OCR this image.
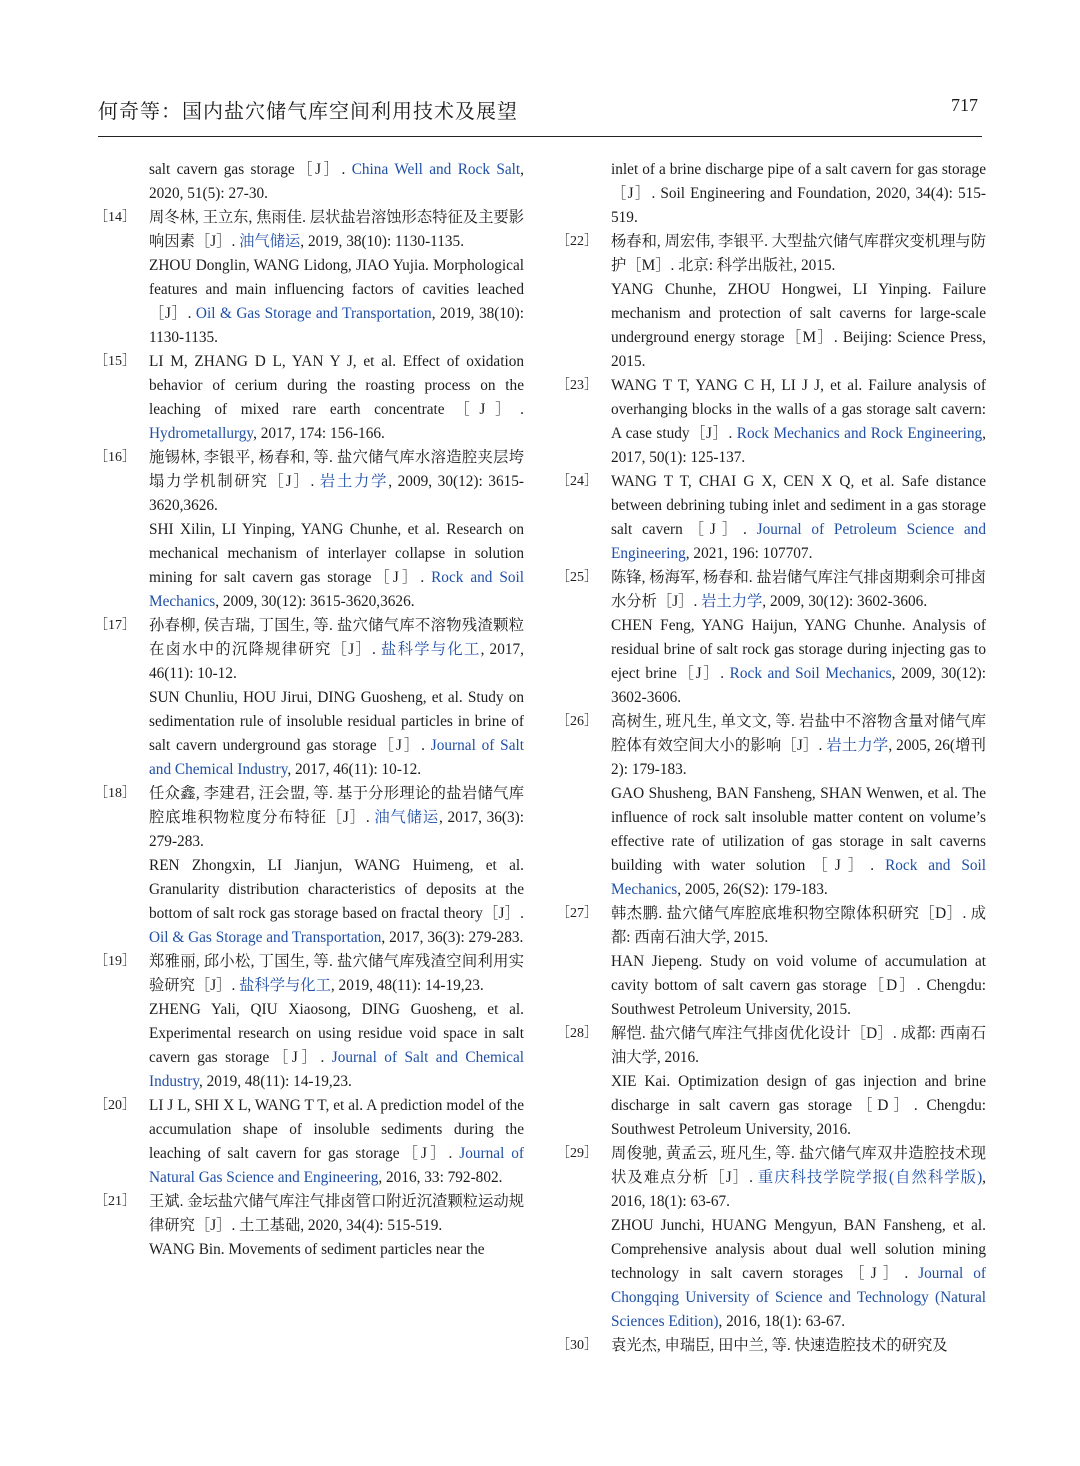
何奇等：国内盐穴储气库空间利用技术及展望	717
salt cavern gas storage［J］. China Well and Rock Salt, 2020, 51(5): 27-30.
［14］ 周冬林, 王立东, 焦雨佳. 层状盐岩溶蚀形态特征及主要影响因素［J］. 油气储运, 2019, 38(10): 1130-1135.
ZHOU Donglin, WANG Lidong, JIAO Yujia. Morphological features and main influencing factors of cavities leached［J］. Oil & Gas Storage and Transportation, 2019, 38(10): 1130-1135.
［15］ LI M, ZHANG D L, YAN Y J, et al. Effect of oxidation behavior of cerium during the roasting process on the leaching of mixed rare earth concentrate［J］. Hydrometallurgy, 2017, 174: 156-166.
［16］ 施锡林, 李银平, 杨春和, 等. 盐穴储气库水溶造腔夹层垮塌力学机制研究［J］. 岩土力学, 2009, 30(12): 3615-3620,3626.
SHI Xilin, LI Yinping, YANG Chunhe, et al. Research on mechanical mechanism of interlayer collapse in solution mining for salt cavern gas storage［J］. Rock and Soil Mechanics, 2009, 30(12): 3615-3620,3626.
［17］ 孙春柳, 侯吉瑞, 丁国生, 等. 盐穴储气库不溶物残渣颗粒在卤水中的沉降规律研究［J］. 盐科学与化工, 2017, 46(11): 10-12.
SUN Chunliu, HOU Jirui, DING Guosheng, et al. Study on sedimentation rule of insoluble residual particles in brine of salt cavern underground gas storage［J］. Journal of Salt and Chemical Industry, 2017, 46(11): 10-12.
［18］ 任众鑫, 李建君, 汪会盟, 等. 基于分形理论的盐岩储气库腔底堆积物粒度分布特征［J］. 油气储运, 2017, 36(3): 279-283.
REN Zhongxin, LI Jianjun, WANG Huimeng, et al. Granularity distribution characteristics of deposits at the bottom of salt rock gas storage based on fractal theory［J］. Oil & Gas Storage and Transportation, 2017, 36(3): 279-283.
［19］ 郑雅丽, 邱小松, 丁国生, 等. 盐穴储气库残渣空间利用实验研究［J］. 盐科学与化工, 2019, 48(11): 14-19,23.
ZHENG Yali, QIU Xiaosong, DING Guosheng, et al. Experimental research on using residue void space in salt cavern gas storage［J］. Journal of Salt and Chemical Industry, 2019, 48(11): 14-19,23.
［20］ LI J L, SHI X L, WANG T T, et al. A prediction model of the accumulation shape of insoluble sediments during the leaching of salt cavern for gas storage［J］. Journal of Natural Gas Science and Engineering, 2016, 33: 792-802.
［21］ 王斌. 金坛盐穴储气库注气排卤管口附近沉渣颗粒运动规律研究［J］. 土工基础, 2020, 34(4): 515-519.
WANG Bin. Movements of sediment particles near the
inlet of a brine discharge pipe of a salt cavern for gas storage［J］. Soil Engineering and Foundation, 2020, 34(4): 515-519.
［22］ 杨春和, 周宏伟, 李银平. 大型盐穴储气库群灾变机理与防护［M］. 北京: 科学出版社, 2015.
YANG Chunhe, ZHOU Hongwei, LI Yinping. Failure mechanism and protection of salt caverns for large-scale underground energy storage［M］. Beijing: Science Press, 2015.
［23］ WANG T T, YANG C H, LI J J, et al. Failure analysis of overhanging blocks in the walls of a gas storage salt cavern: A case study［J］. Rock Mechanics and Rock Engineering, 2017, 50(1): 125-137.
［24］ WANG T T, CHAI G X, CEN X Q, et al. Safe distance between debrining tubing inlet and sediment in a gas storage salt cavern［J］. Journal of Petroleum Science and Engineering, 2021, 196: 107707.
［25］ 陈锋, 杨海军, 杨春和. 盐岩储气库注气排卤期剩余可排卤水分析［J］. 岩土力学, 2009, 30(12): 3602-3606.
CHEN Feng, YANG Haijun, YANG Chunhe. Analysis of residual brine of salt rock gas storage during injecting gas to eject brine［J］. Rock and Soil Mechanics, 2009, 30(12): 3602-3606.
［26］ 高树生, 班凡生, 单文文, 等. 岩盐中不溶物含量对储气库腔体有效空间大小的影响［J］. 岩土力学, 2005, 26(增刊2): 179-183.
GAO Shusheng, BAN Fansheng, SHAN Wenwen, et al. The influence of rock salt insoluble matter content on volume’s effective rate of utilization of gas storage in salt caverns building with water solution［J］. Rock and Soil Mechanics, 2005, 26(S2): 179-183.
［27］ 韩杰鹏. 盐穴储气库腔底堆积物空隙体积研究［D］. 成都: 西南石油大学, 2015.
HAN Jiepeng. Study on void volume of accumulation at cavity bottom of salt cavern gas storage［D］. Chengdu: Southwest Petroleum University, 2015.
［28］ 解恺. 盐穴储气库注气排卤优化设计［D］. 成都: 西南石油大学, 2016.
XIE Kai. Optimization design of gas injection and brine discharge in salt cavern gas storage［D］. Chengdu: Southwest Petroleum University, 2016.
［29］ 周俊驰, 黄孟云, 班凡生, 等. 盐穴储气库双井造腔技术现状及难点分析［J］. 重庆科技学院学报(自然科学版), 2016, 18(1): 63-67.
ZHOU Junchi, HUANG Mengyun, BAN Fansheng, et al. Comprehensive analysis about dual well solution mining technology in salt cavern storages［J］. Journal of Chongqing University of Science and Technology (Natural Sciences Edition), 2016, 18(1): 63-67.
［30］ 袁光杰, 申瑞臣, 田中兰, 等. 快速造腔技术的研究及
